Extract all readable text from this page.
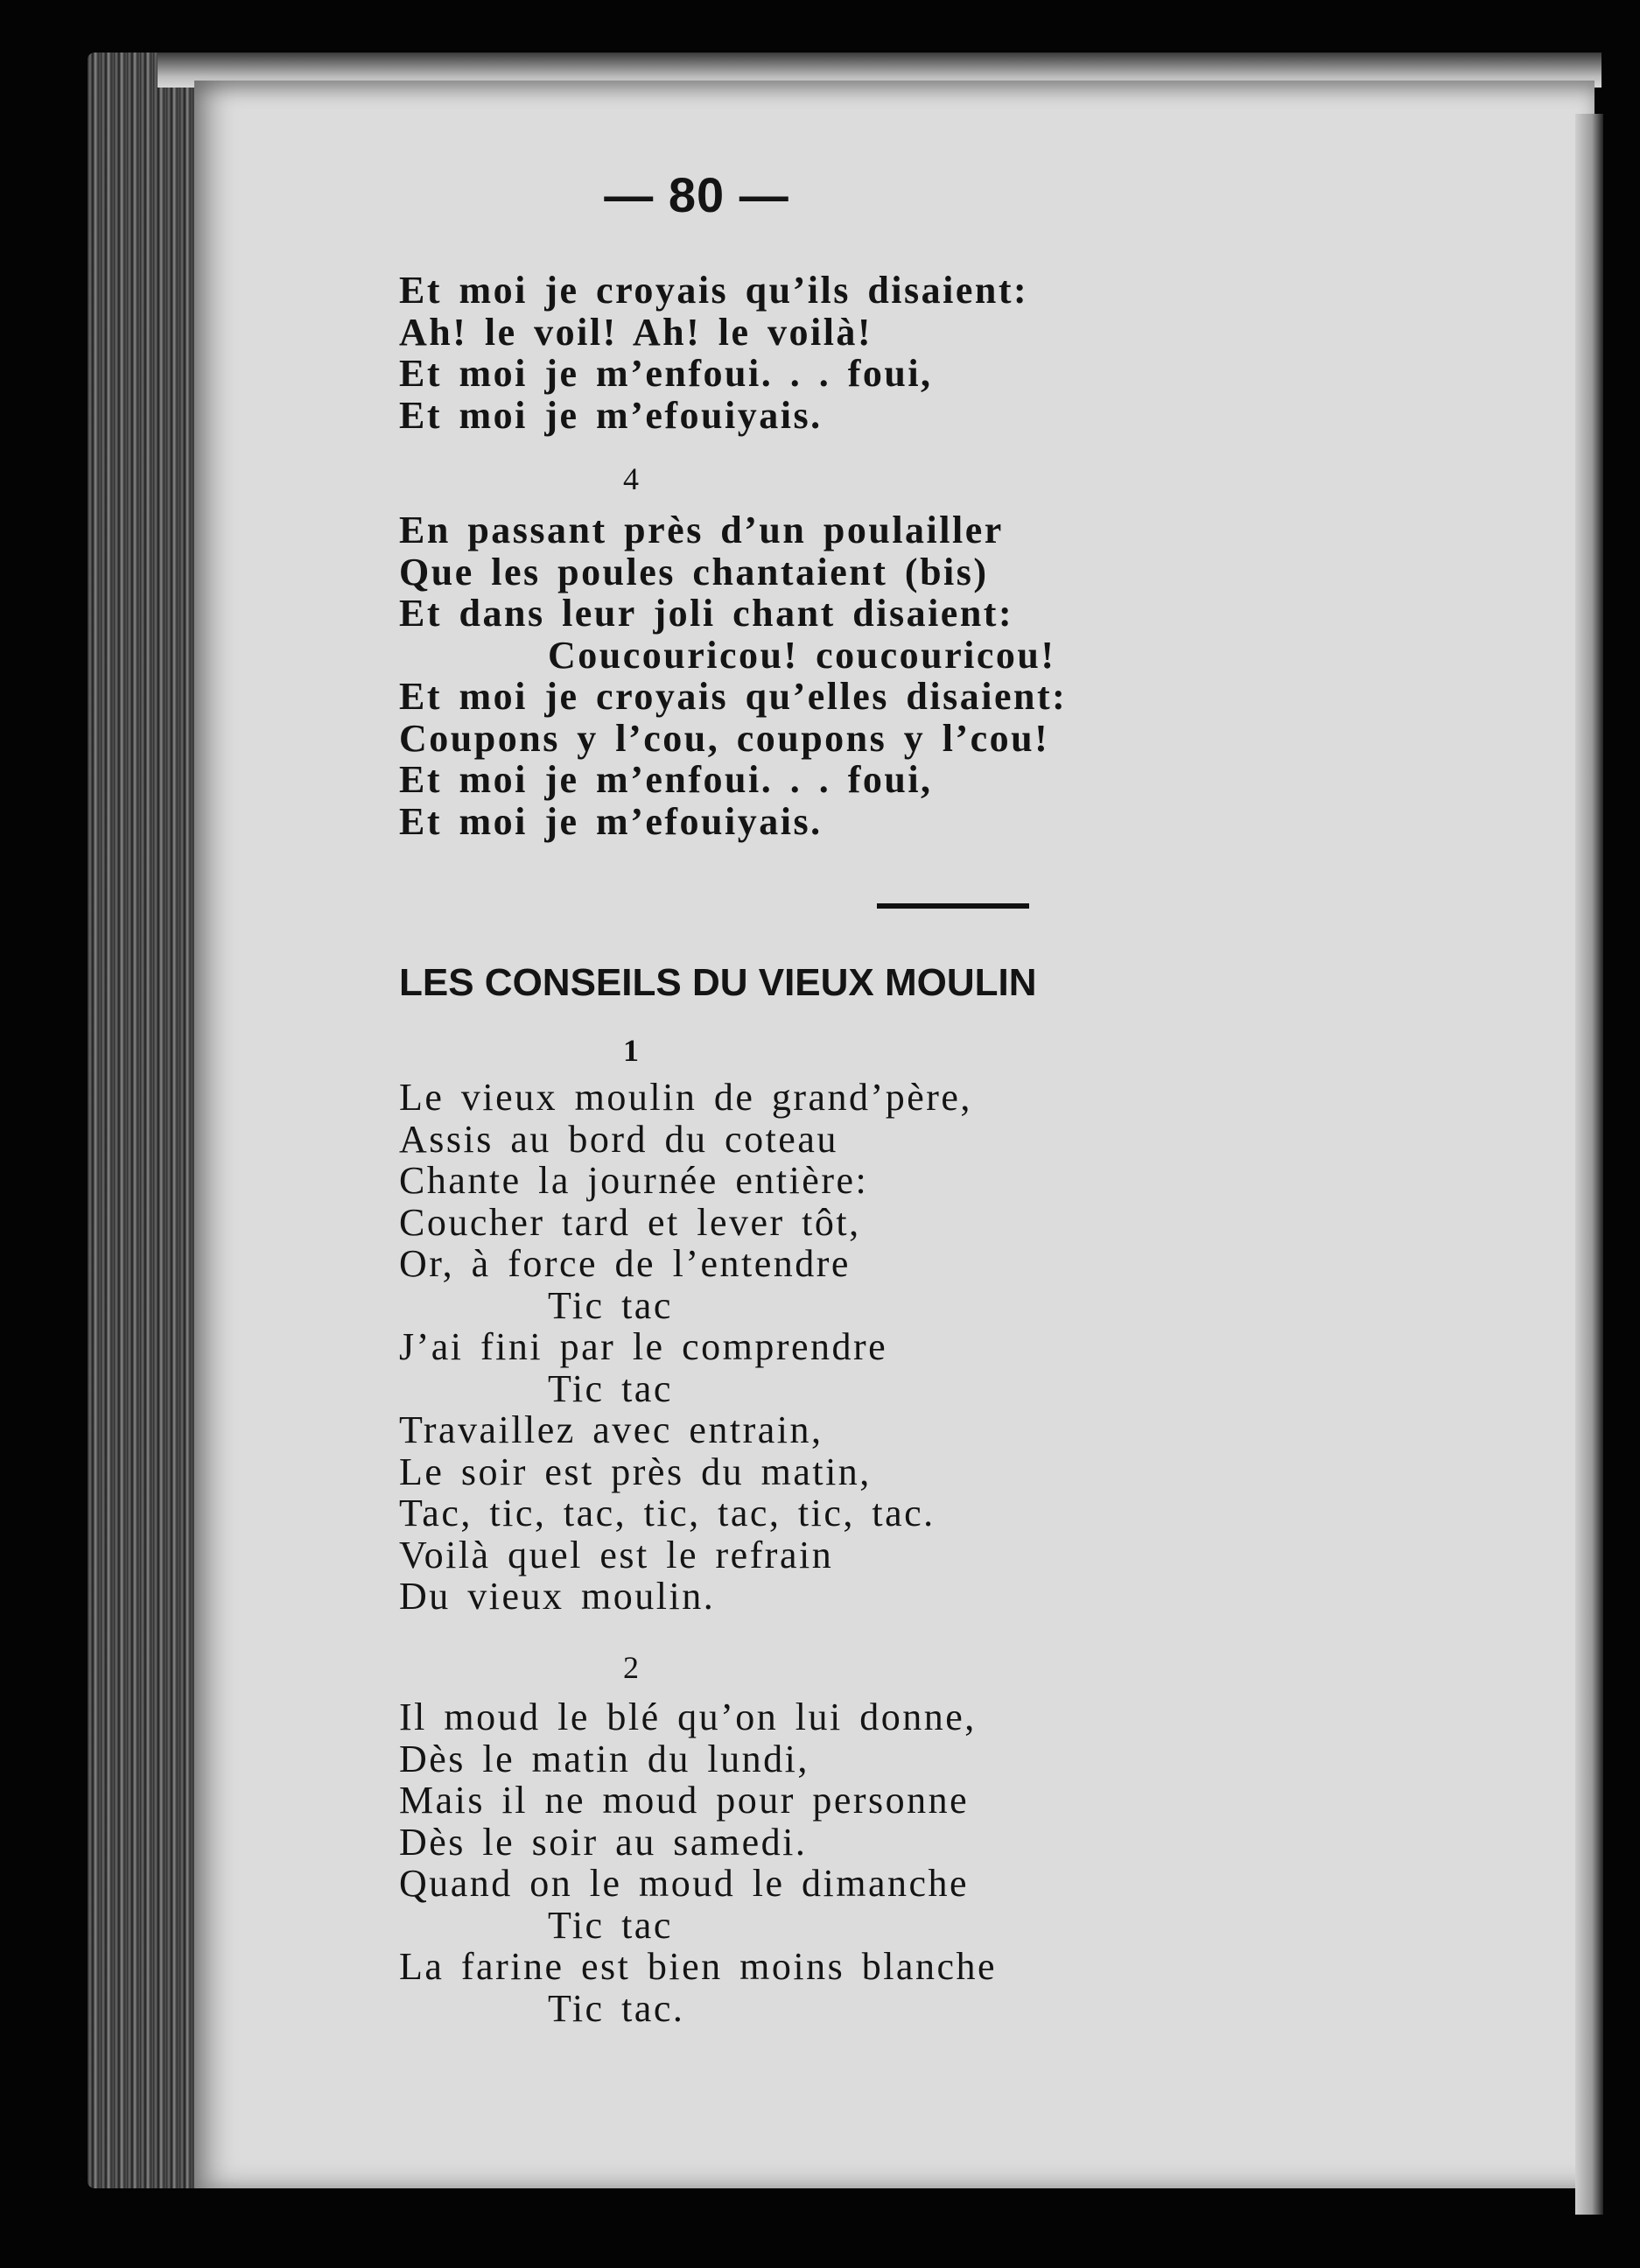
— 80 —
Et moi je croyais qu’ils disaient:
Ah! le voil! Ah! le voilà!
Et moi je m’enfoui. . . foui,
Et moi je m’efouiyais.
4
En passant près d’un poulailler
Que les poules chantaient (bis)
Et dans leur joli chant disaient:
Coucouricou! coucouricou!
Et moi je croyais qu’elles disaient:
Coupons y l’cou, coupons y l’cou!
Et moi je m’enfoui. . . foui,
Et moi je m’efouiyais.
LES CONSEILS DU VIEUX MOULIN
1
Le vieux moulin de grand’père,
Assis au bord du coteau
Chante la journée entière:
Coucher tard et lever tôt,
Or, à force de l’entendre
Tic tac
J’ai fini par le comprendre
Tic tac
Travaillez avec entrain,
Le soir est près du matin,
Tac, tic, tac, tic, tac, tic, tac.
Voilà quel est le refrain
Du vieux moulin.
2
Il moud le blé qu’on lui donne,
Dès le matin du lundi,
Mais il ne moud pour personne
Dès le soir au samedi.
Quand on le moud le dimanche
Tic tac
La farine est bien moins blanche
Tic tac.
